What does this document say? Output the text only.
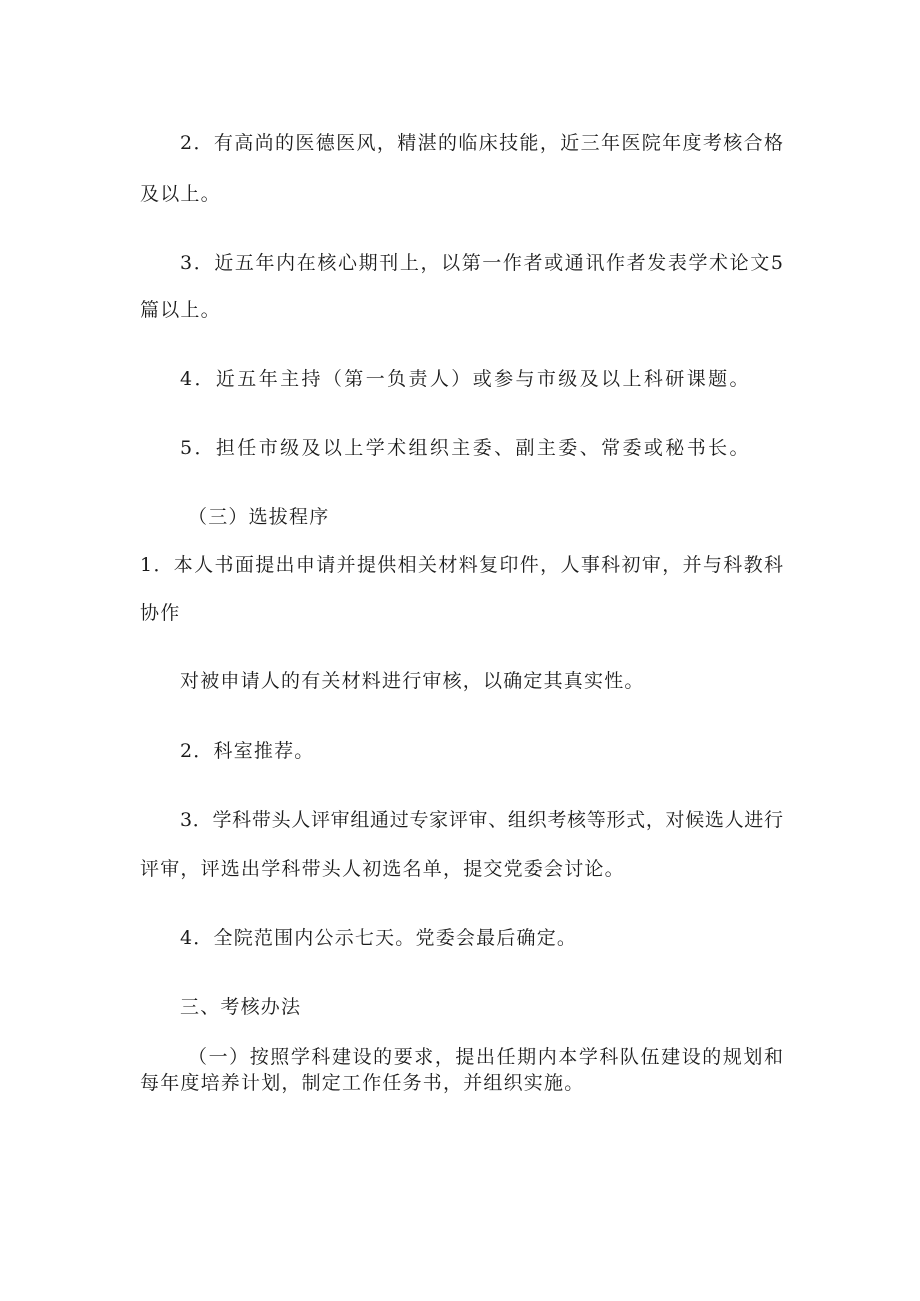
2．有高尚的医德医风，精湛的临床技能，近三年医院年度考核合格
及以上。
3．近五年内在核心期刊上，以第一作者或通讯作者发表学术论文5
篇以上。
4．近五年主持（第一负责人）或参与市级及以上科研课题。
5．担任市级及以上学术组织主委、副主委、常委或秘书长。
（三）选拔程序
1．本人书面提出申请并提供相关材料复印件，人事科初审，并与科教科
协作
对被申请人的有关材料进行审核，以确定其真实性。
2．科室推荐。
3．学科带头人评审组通过专家评审、组织考核等形式，对候选人进行
评审，评选出学科带头人初选名单，提交党委会讨论。
4．全院范围内公示七天。党委会最后确定。
三、考核办法
（一）按照学科建设的要求，提出任期内本学科队伍建设的规划和
每年度培养计划，制定工作任务书，并组织实施。
